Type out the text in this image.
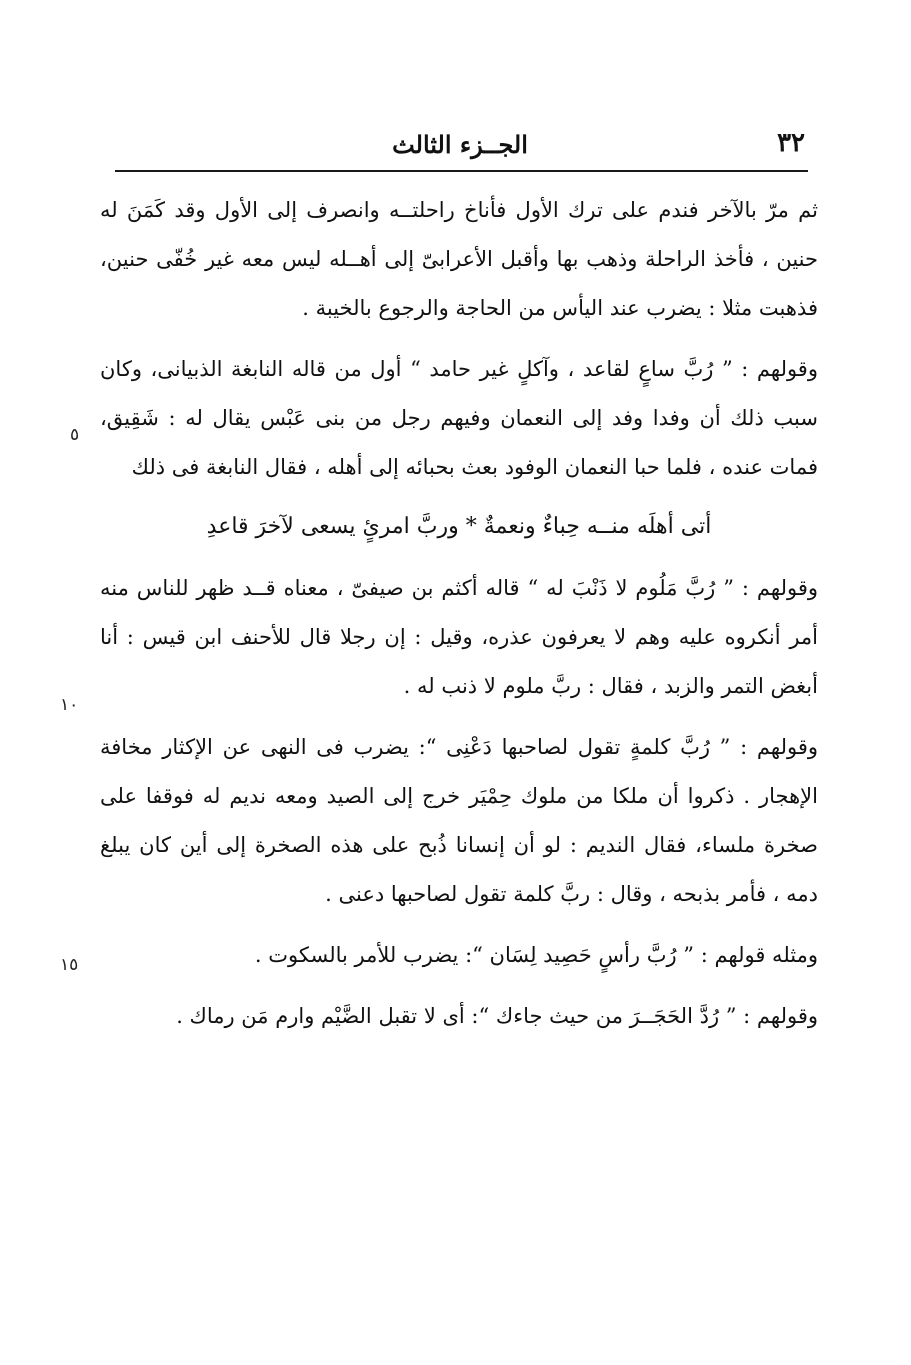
٣٢
الجــزء الثالث

ثم مرّ بالآخر فندم على ترك الأول فأناخ راحلتــه وانصرف إلى الأول وقد كَمَنَ له حنين ، فأخذ الراحلة وذهب بها وأقبل الأعرابىّ إلى أهــله ليس معه غير خُفّى حنين، فذهبت مثلا : يضرب عند اليأس من الحاجة والرجوع بالخيبة .

وقولهم : ” رُبَّ ساعٍ لقاعد ، وآكلٍ غير حامد “ أول من قاله النابغة الذبيانى، وكان سبب ذلك أن وفدا وفد إلى النعمان وفيهم رجل من بنى عَبْس يقال له : شَقِيق، فمات عنده ، فلما حبا النعمان الوفود بعث بحبائه إلى أهله ، فقال النابغة فى ذلك

أتى أهلَه منــه حِباءٌ ونعمةٌ * وربَّ امرئٍ يسعى لآخرَ قاعدِ

وقولهم : ” رُبَّ مَلُوم لا ذَنْبَ له “ قاله أكثم بن صيفىّ ، معناه قــد ظهر للناس منه أمر أنكروه عليه وهم لا يعرفون عذره، وقيل : إن رجلا قال للأحنف ابن قيس : أنا أبغض التمر والزبد ، فقال : ربَّ ملوم لا ذنب له .

وقولهم : ” رُبَّ كلمةٍ تقول لصاحبها دَعْنِى “: يضرب فى النهى عن الإكثار مخافة الإهجار . ذكروا أن ملكا من ملوك حِمْيَر خرج إلى الصيد ومعه نديم له فوقفا على صخرة ملساء، فقال النديم : لو أن إنسانا ذُبح على هذه الصخرة إلى أين كان يبلغ دمه ، فأمر بذبحه ، وقال : ربَّ كلمة تقول لصاحبها دعنى .

ومثله قولهم : ” رُبَّ رأسٍ حَصِيد لِسَان “: يضرب للأمر بالسكوت .

وقولهم : ” رُدَّ الحَجَــرَ من حيث جاءك “: أى لا تقبل الضَّيْم وارم مَن رماك .

٥
١٠
١٥
